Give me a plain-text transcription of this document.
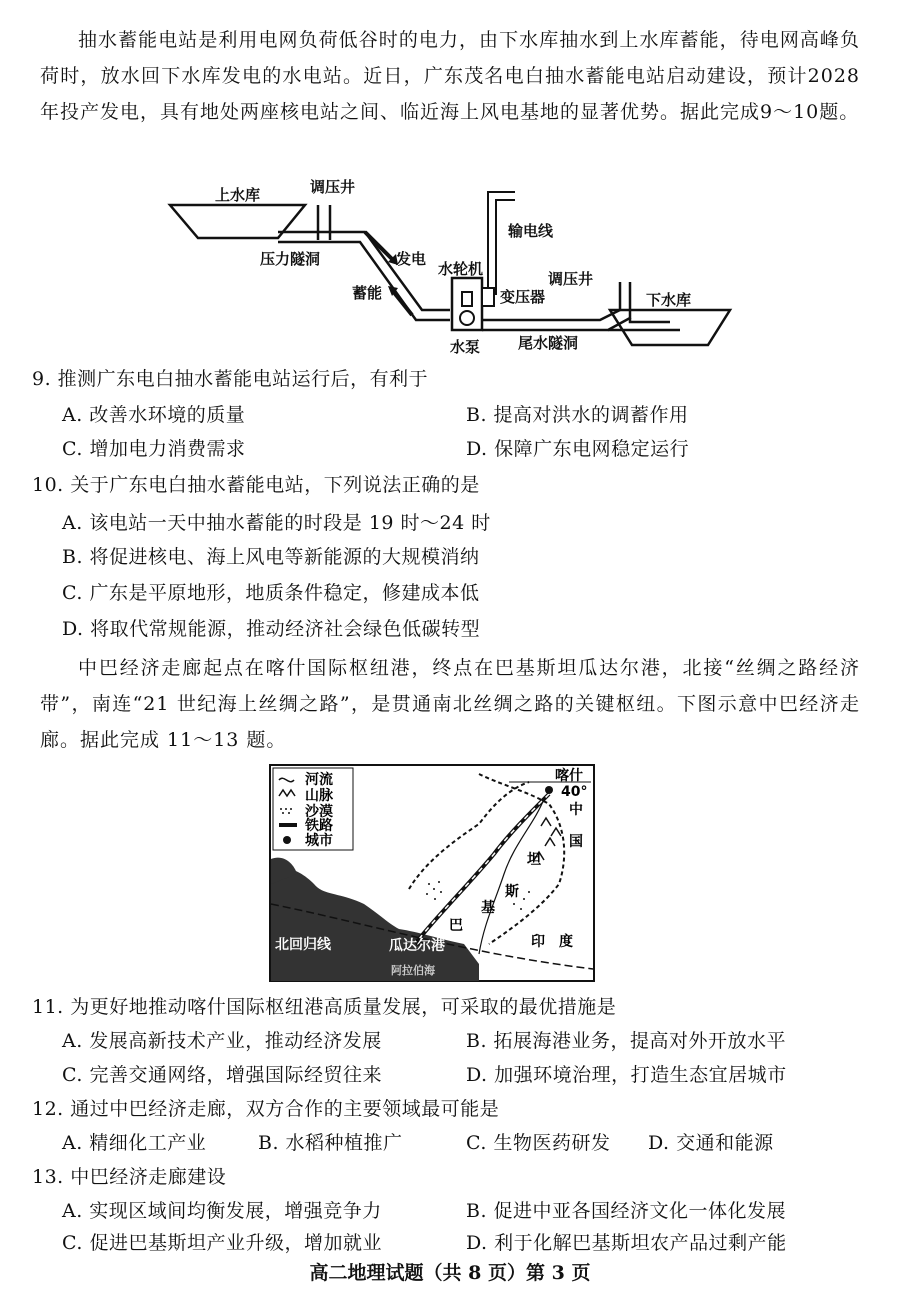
抽水蓄能电站是利用电网负荷低谷时的电力，由下水库抽水到上水库蓄能，待电网高峰负荷时，放水回下水库发电的水电站。近日，广东茂名电白抽水蓄能电站启动建设，预计2028年投产发电，具有地处两座核电站之间、临近海上风电基地的显著优势。据此完成9～10题。
上水库	调压井
压力隧洞	发电
蓄能
水轮机
水泵
输电线
变压器
调压井
下水库
尾水隧洞
9. 推测广东电白抽水蓄能电站运行后，有利于
A. 改善水环境的质量	B. 提高对洪水的调蓄作用
C. 增加电力消费需求	D. 保障广东电网稳定运行
10. 关于广东电白抽水蓄能电站，下列说法正确的是
A. 该电站一天中抽水蓄能的时段是 19 时～24 时
B. 将促进核电、海上风电等新能源的大规模消纳
C. 广东是平原地形，地质条件稳定，修建成本低
D. 将取代常规能源，推动经济社会绿色低碳转型
中巴经济走廊起点在喀什国际枢纽港，终点在巴基斯坦瓜达尔港，北接“丝绸之路经济带”，南连“21 世纪海上丝绸之路”，是贯通南北丝绸之路的关键枢纽。下图示意中巴经济走廊。据此完成 11～13 题。
河流
山脉
沙漠
铁路
城市
喀什
40°
中
国
坦
斯
基
巴
印　度
瓜达尔港
北回归线
阿拉伯海
11. 为更好地推动喀什国际枢纽港高质量发展，可采取的最优措施是
A. 发展高新技术产业，推动经济发展	B. 拓展海港业务，提高对外开放水平
C. 完善交通网络，增强国际经贸往来	D. 加强环境治理，打造生态宜居城市
12. 通过中巴经济走廊，双方合作的主要领域最可能是
A. 精细化工产业	B. 水稻种植推广	C. 生物医药研发 D. 交通和能源
13. 中巴经济走廊建设
A. 实现区域间均衡发展，增强竞争力	B. 促进中亚各国经济文化一体化发展
C. 促进巴基斯坦产业升级，增加就业	D. 利于化解巴基斯坦农产品过剩产能
高二地理试题（共 8 页）第 3 页
